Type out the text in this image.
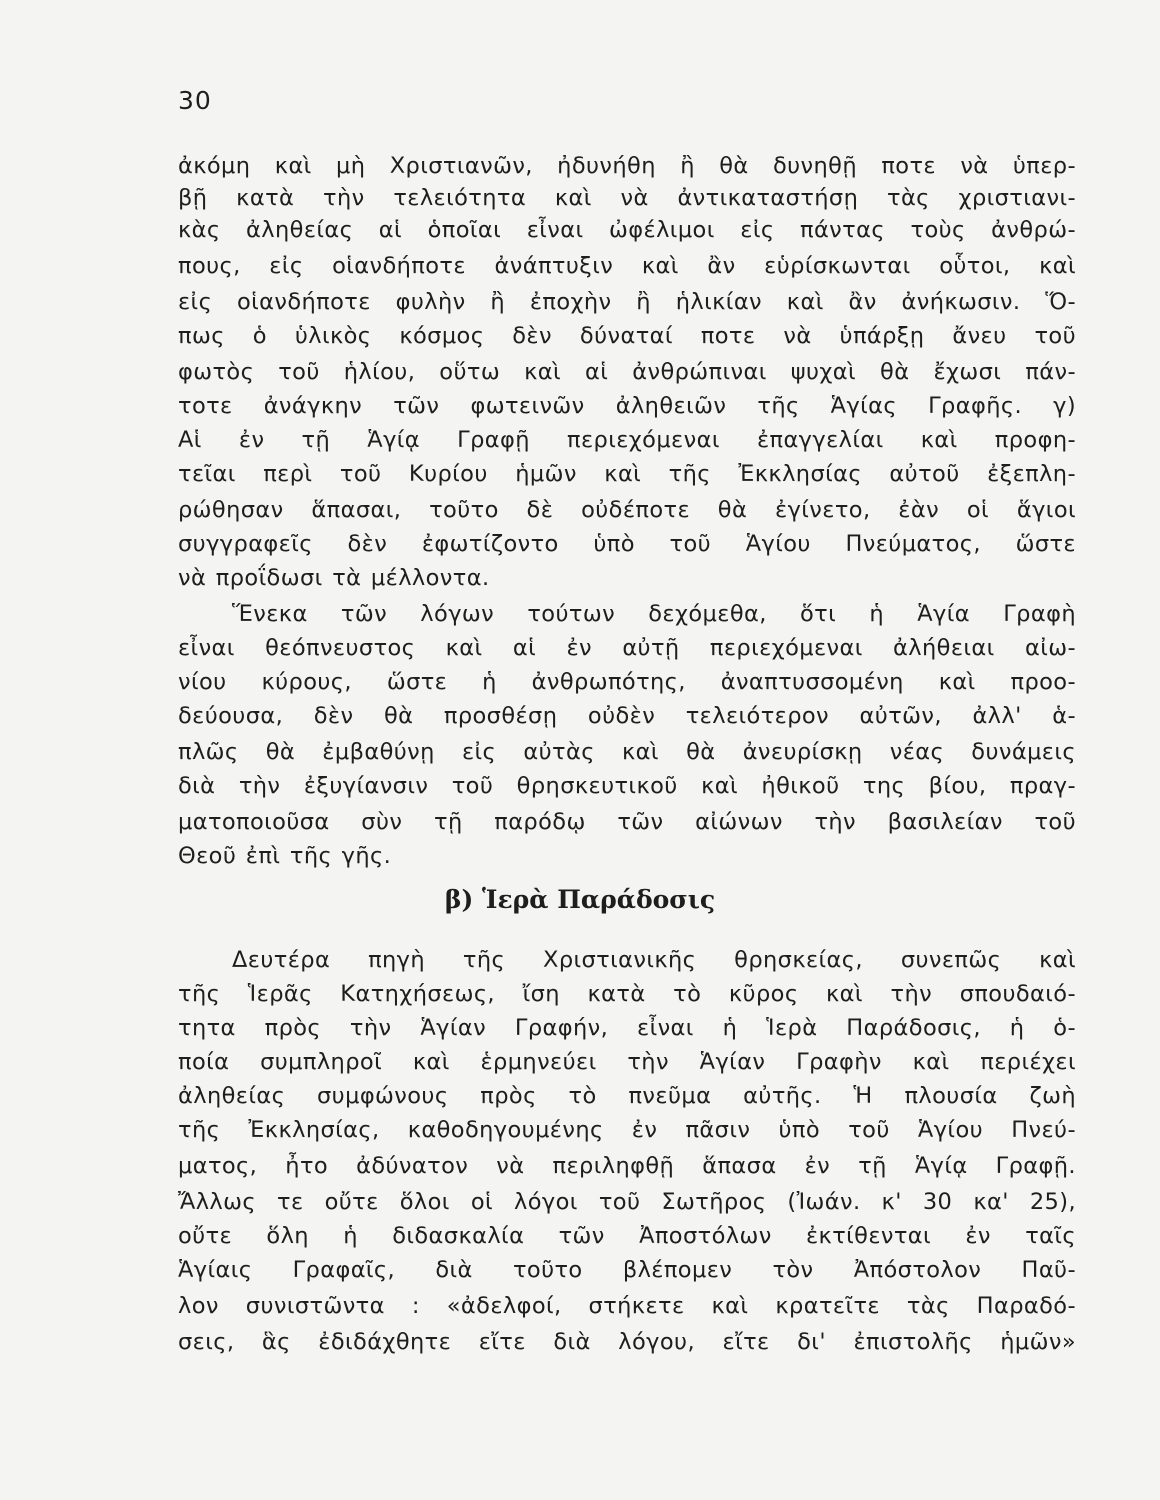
30
ἀκόμη καὶ μὴ Χριστιανῶν, ἠδυνήθη ἢ θὰ δυνηθῇ ποτε νὰ ὑπερ-
βῇ κατὰ τὴν τελειότητα καὶ νὰ ἀντικαταστήσῃ τὰς χριστιανι-
κὰς ἀληθείας αἱ ὁποῖαι εἶναι ὠφέλιμοι εἰς πάντας τοὺς ἀνθρώ-
πους, εἰς οἱανδήποτε ἀνάπτυξιν καὶ ἂν εὑρίσκωνται οὗτοι, καὶ
εἰς οἱανδήποτε φυλὴν ἢ ἐποχὴν ἢ ἡλικίαν καὶ ἂν ἀνήκωσιν. Ὅ-
πως ὁ ὑλικὸς κόσμος δὲν δύναταί ποτε νὰ ὑπάρξῃ ἄνευ τοῦ
φωτὸς τοῦ ἡλίου, οὕτω καὶ αἱ ἀνθρώπιναι ψυχαὶ θὰ ἔχωσι πάν-
τοτε ἀνάγκην τῶν φωτεινῶν ἀληθειῶν τῆς Ἁγίας Γραφῆς. γ)
Αἱ ἐν τῇ Ἁγίᾳ Γραφῇ περιεχόμεναι ἐπαγγελίαι καὶ προφη-
τεῖαι περὶ τοῦ Κυρίου ἡμῶν καὶ τῆς Ἐκκλησίας αὐτοῦ ἐξεπλη-
ρώθησαν ἅπασαι, τοῦτο δὲ οὐδέποτε θὰ ἐγίνετο, ἐὰν οἱ ἅγιοι
συγγραφεῖς δὲν ἐφωτίζοντο ὑπὸ τοῦ Ἁγίου Πνεύματος, ὥστε
νὰ προΐδωσι τὰ μέλλοντα.
Ἕνεκα τῶν λόγων τούτων δεχόμεθα, ὅτι ἡ Ἁγία Γραφὴ
εἶναι θεόπνευστος καὶ αἱ ἐν αὐτῇ περιεχόμεναι ἀλήθειαι αἰω-
νίου κύρους, ὥστε ἡ ἀνθρωπότης, ἀναπτυσσομένη καὶ προο-
δεύουσα, δὲν θὰ προσθέσῃ οὐδὲν τελειότερον αὐτῶν, ἀλλ' ἁ-
πλῶς θὰ ἐμβαθύνῃ εἰς αὐτὰς καὶ θὰ ἀνευρίσκῃ νέας δυνάμεις
διὰ τὴν ἐξυγίανσιν τοῦ θρησκευτικοῦ καὶ ἠθικοῦ της βίου, πραγ-
ματοποιοῦσα σὺν τῇ παρόδῳ τῶν αἰώνων τὴν βασιλείαν τοῦ
Θεοῦ ἐπὶ τῆς γῆς.
β) Ἱερὰ Παράδοσις
Δευτέρα πηγὴ τῆς Χριστιανικῆς θρησκείας, συνεπῶς καὶ
τῆς Ἱερᾶς Κατηχήσεως, ἴση κατὰ τὸ κῦρος καὶ τὴν σπουδαιό-
τητα πρὸς τὴν Ἁγίαν Γραφήν, εἶναι ἡ Ἱερὰ Παράδοσις, ἡ ὁ-
ποία συμπληροῖ καὶ ἑρμηνεύει τὴν Ἁγίαν Γραφὴν καὶ περιέχει
ἀληθείας συμφώνους πρὸς τὸ πνεῦμα αὐτῆς. Ἡ πλουσία ζωὴ
τῆς Ἐκκλησίας, καθοδηγουμένης ἐν πᾶσιν ὑπὸ τοῦ Ἁγίου Πνεύ-
ματος, ἦτο ἀδύνατον νὰ περιληφθῇ ἅπασα ἐν τῇ Ἁγίᾳ Γραφῇ.
Ἄλλως τε οὔτε ὅλοι οἱ λόγοι τοῦ Σωτῆρος (Ἰωάν. κ' 30 κα' 25),
οὔτε ὅλη ἡ διδασκαλία τῶν Ἀποστόλων ἐκτίθενται ἐν ταῖς
Ἁγίαις Γραφαῖς, διὰ τοῦτο βλέπομεν τὸν Ἀπόστολον Παῦ-
λον συνιστῶντα : «ἀδελφοί, στήκετε καὶ κρατεῖτε τὰς Παραδό-
σεις, ἃς ἐδιδάχθητε εἴτε διὰ λόγου, εἴτε δι' ἐπιστολῆς ἡμῶν»
